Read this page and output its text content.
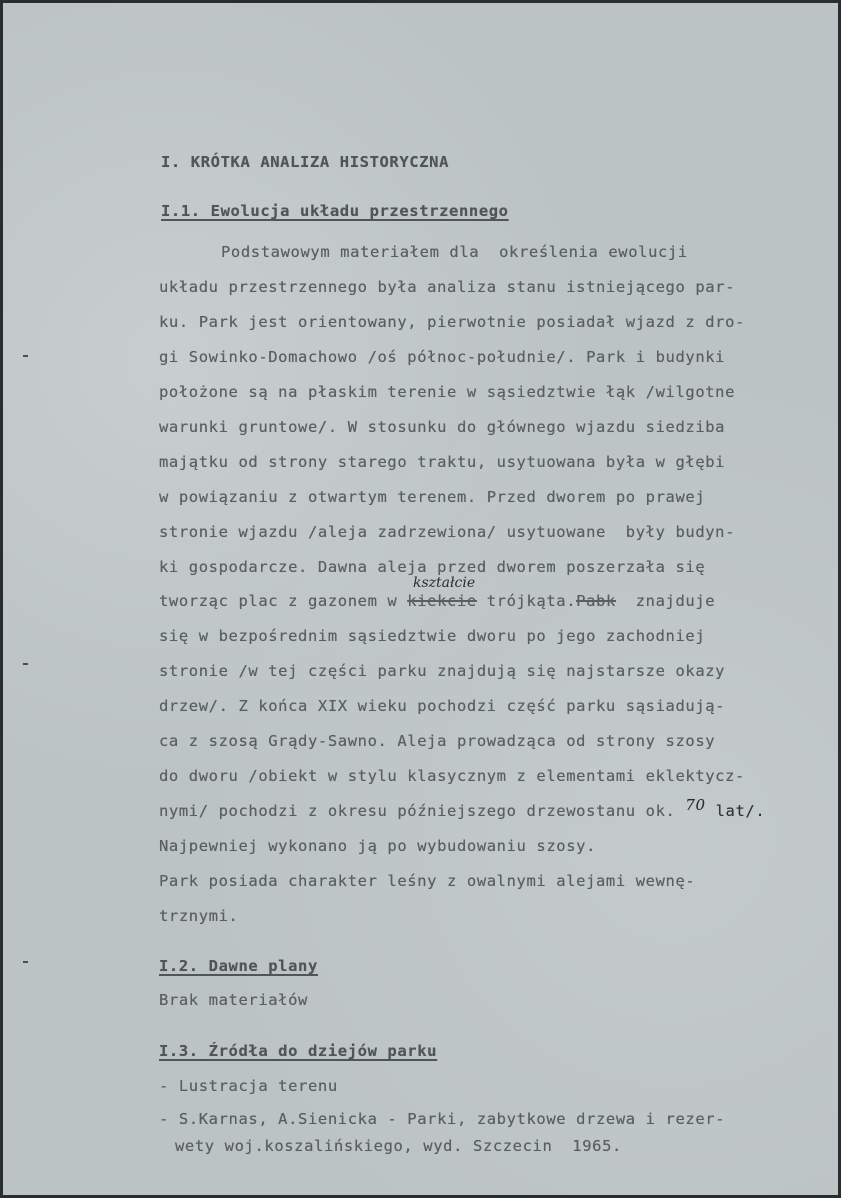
I. KRÓTKA ANALIZA HISTORYCZNA
I.1. Ewolucja układu przestrzennego
Podstawowym materiałem dla  określenia ewolucji
układu przestrzennego była analiza stanu istniejącego par-
ku. Park jest orientowany, pierwotnie posiadał wjazd z dro-
gi Sowinko-Domachowo /oś północ-południe/. Park i budynki
położone są na płaskim terenie w sąsiedztwie łąk /wilgotne
warunki gruntowe/. W stosunku do głównego wjazdu siedziba
majątku od strony starego traktu, usytuowana była w głębi
w powiązaniu z otwartym terenem. Przed dworem po prawej
stronie wjazdu /aleja zadrzewiona/ usytuowane  były budyn-
ki gospodarcze. Dawna aleja przed dworem poszerzała się
kształcie
tworząc plac z gazonem w kiekcie trójkąta.Pabk  znajduje
się w bezpośrednim sąsiedztwie dworu po jego zachodniej
stronie /w tej części parku znajdują się najstarsze okazy
drzew/. Z końca XIX wieku pochodzi część parku sąsiadują-
ca z szosą Grądy-Sawno. Aleja prowadząca od strony szosy
do dworu /obiekt w stylu klasycznym z elementami eklektycz-
nymi/ pochodzi z okresu późniejszego drzewostanu ok. 70 lat/.
Najpewniej wykonano ją po wybudowaniu szosy.
Park posiada charakter leśny z owalnymi alejami wewnę-
trznymi.
I.2. Dawne plany
Brak materiałów
I.3. Źródła do dziejów parku
- Lustracja terenu
- S.Karnas, A.Sienicka - Parki, zabytkowe drzewa i rezer-
wety woj.koszalińskiego, wyd. Szczecin  1965.
